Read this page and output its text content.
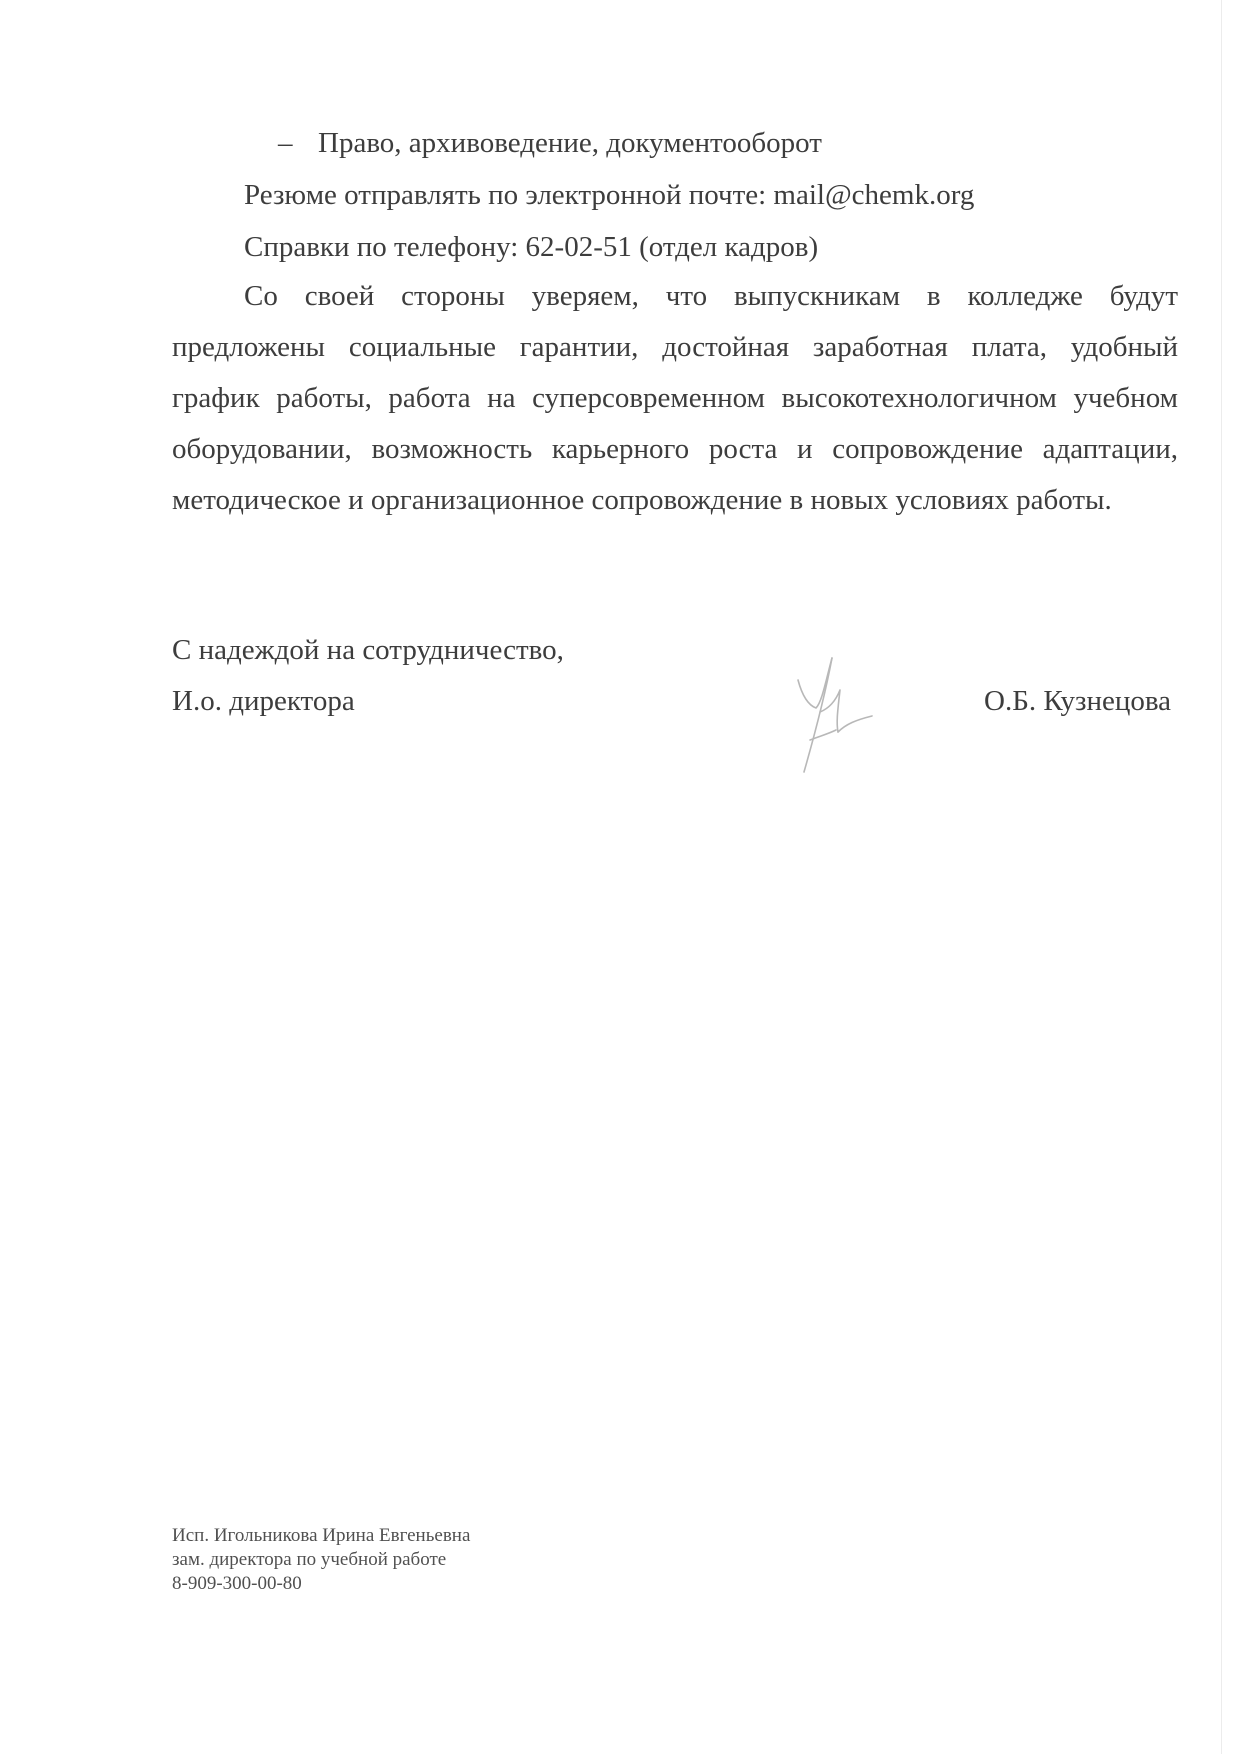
– Право, архивоведение, документооборот
Резюме отправлять по электронной почте: mail@chemk.org
Справки по телефону: 62-02-51 (отдел кадров)
Со своей стороны уверяем, что выпускникам в колледже будут
предложены социальные гарантии, достойная заработная плата, удобный
график работы, работа на суперсовременном высокотехнологичном учебном
оборудовании, возможность карьерного роста и сопровождение адаптации,
методическое и организационное сопровождение в новых условиях работы.
С надеждой на сотрудничество,
И.о. директора	О.Б. Кузнецова
Исп. Игольникова Ирина Евгеньевна
зам. директора по учебной работе
8-909-300-00-80
